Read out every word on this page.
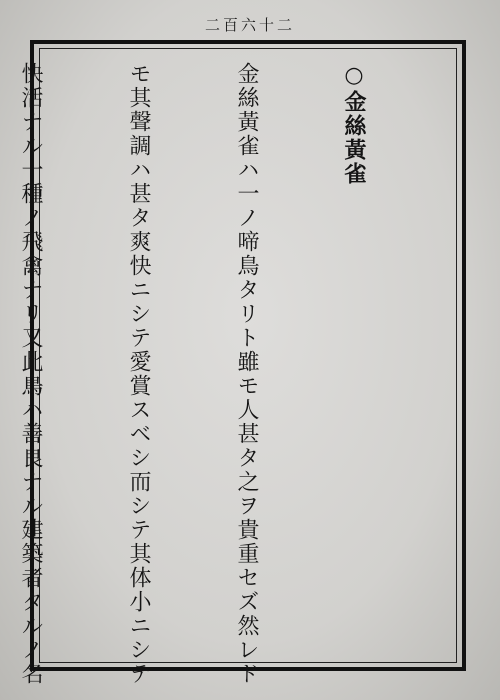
二百六十二

○金絲黃雀

金絲黃雀ハ一ノ啼鳥タリト雖モ人甚タ之ヲ貴重セズ然レド

モ其聲調ハ甚タ爽快ニシテ愛賞スベシ而シテ其体小ニシテ

快活ナル一種ノ飛禽ナリ又此鳥ハ善良ナル建築者タルノ名
